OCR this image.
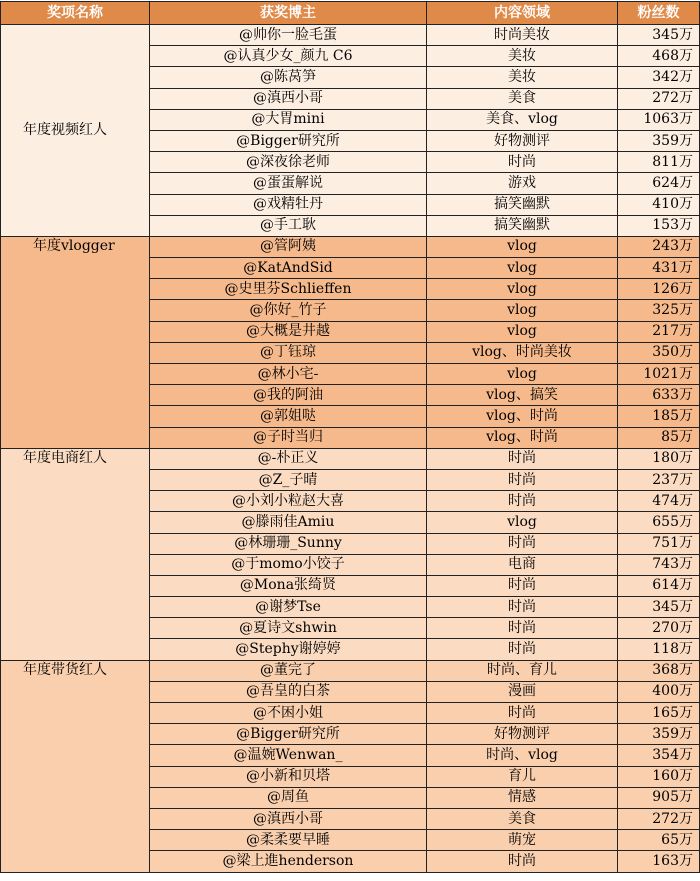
奖项名称	获奖博主	内容领域	粉丝数
年度视频红人	@帅你一脸毛蛋	时尚美妆	345万
	@认真少女_颜九 C6	美妆	468万
	@陈莴笋	美妆	342万
	@滇西小哥	美食	272万
	@大胃mini	美食、vlog	1063万
	@Bigger研究所	好物测评	359万
	@深夜徐老师	时尚	811万
	@蛋蛋解说	游戏	624万
	@戏精牡丹	搞笑幽默	410万
	@手工耿	搞笑幽默	153万
年度vlogger	@管阿姨	vlog	243万
	@KatAndSid	vlog	431万
	@史里芬Schlieffen	vlog	126万
	@你好_竹子	vlog	325万
	@大概是井越	vlog	217万
	@丁钰琼	vlog、时尚美妆	350万
	@林小宅-	vlog	1021万
	@我的阿油	vlog、搞笑	633万
	@郭姐哒	vlog、时尚	185万
	@子时当归	vlog、时尚	85万
年度电商红人	@-朴正义	时尚	180万
	@Z_子晴	时尚	237万
	@小刘小粒赵大喜	时尚	474万
	@滕雨佳Amiu	vlog	655万
	@林珊珊_Sunny	时尚	751万
	@于momo小饺子	电商	743万
	@Mona张绮贤	时尚	614万
	@谢梦Tse	时尚	345万
	@夏诗文shwin	时尚	270万
	@Stephy谢婷婷	时尚	118万
年度带货红人	@董完了	时尚、育儿	368万
	@吾皇的白茶	漫画	400万
	@不困小姐	时尚	165万
	@Bigger研究所	好物测评	359万
	@温婉Wenwan_	时尚、vlog	354万
	@小新和贝塔	育儿	160万
	@周鱼	情感	905万
	@滇西小哥	美食	272万
	@柔柔要早睡	萌宠	65万
	@梁上進henderson	时尚	163万
